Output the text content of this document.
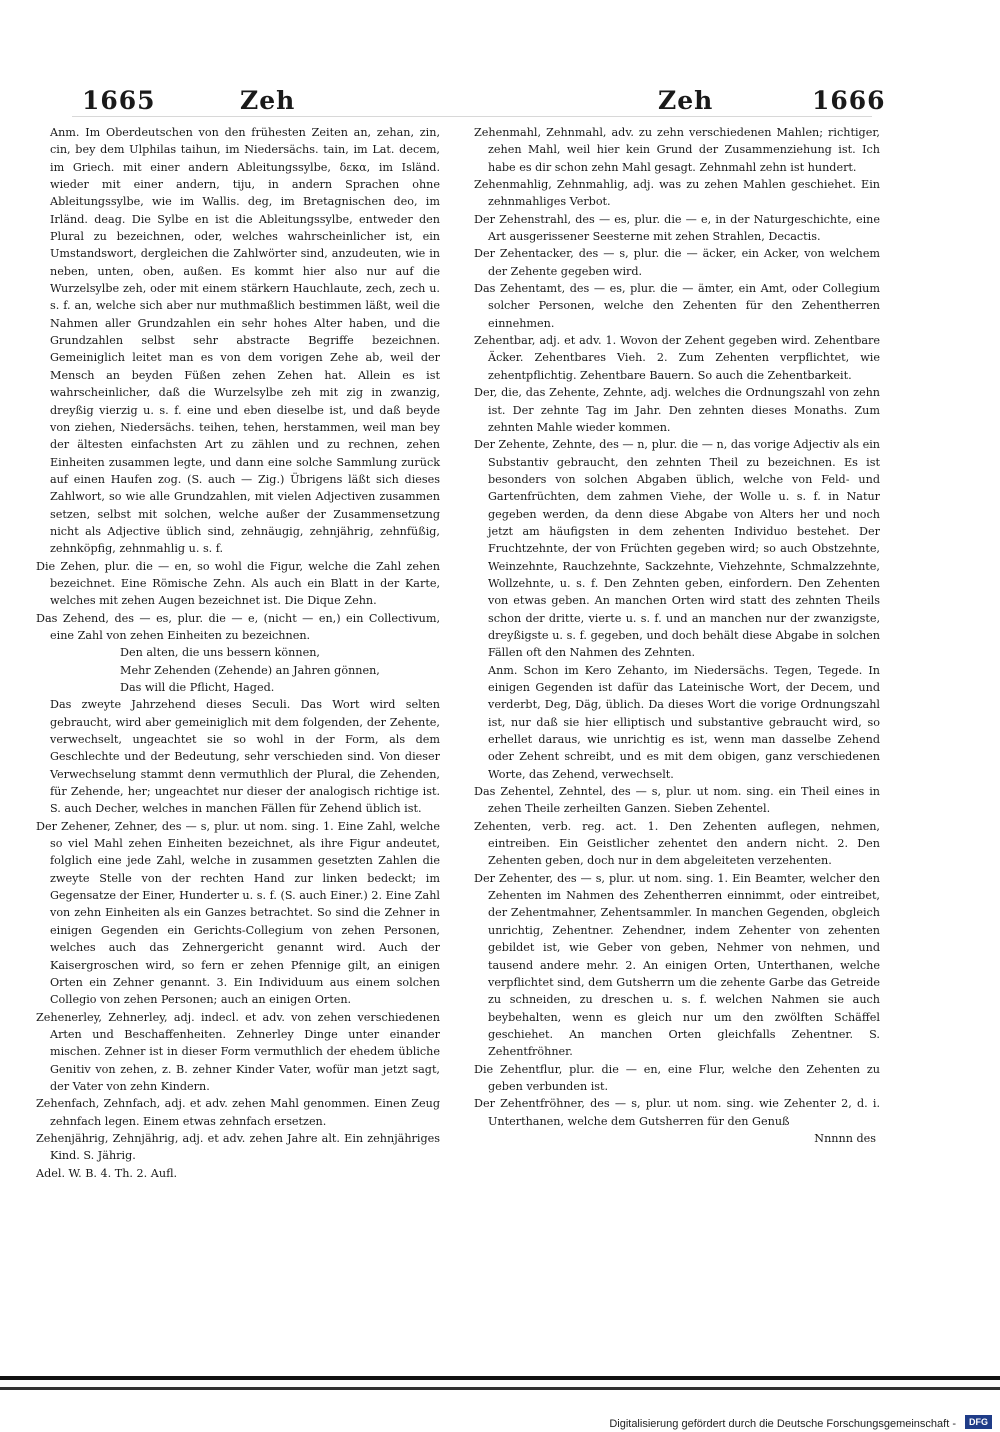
1665	Zeh	Zeh	1666

Anm. Im Oberdeutschen von den frühesten Zeiten an, zehan, zin, cin, bey dem Ulphilas taihun, im Niedersächs. tain, im Lat. decem, im Griech. mit einer andern Ableitungssylbe, δεκα, im Isländ. wieder mit einer andern, tiju, in andern Sprachen ohne Ableitungssylbe, wie im Wallis. deg, im Bretagnischen deo, im Irländ. deag. Die Sylbe en ist die Ableitungssylbe, entweder den Plural zu bezeichnen, oder, welches wahrscheinlicher ist, ein Umstandswort, dergleichen die Zahlwörter sind, anzudeuten, wie in neben, unten, oben, außen. Es kommt hier also nur auf die Wurzelsylbe zeh, oder mit einem stärkern Hauchlaute, zech, zech u. s. f. an, welche sich aber nur muthmaßlich bestimmen läßt, weil die Nahmen aller Grundzahlen ein sehr hohes Alter haben, und die Grundzahlen selbst sehr abstracte Begriffe bezeichnen. Gemeiniglich leitet man es von dem vorigen Zehe ab, weil der Mensch an beyden Füßen zehen Zehen hat. Allein es ist wahrscheinlicher, daß die Wurzelsylbe zeh mit zig in zwanzig, dreyßig vierzig u. s. f. eine und eben dieselbe ist, und daß beyde von ziehen, Niedersächs. teihen, tehen, herstammen, weil man bey der ältesten einfachsten Art zu zählen und zu rechnen, zehen Einheiten zusammen legte, und dann eine solche Sammlung zurück auf einen Haufen zog. (S. auch — Zig.) Übrigens läßt sich dieses Zahlwort, so wie alle Grundzahlen, mit vielen Adjectiven zusammen setzen, selbst mit solchen, welche außer der Zusammensetzung nicht als Adjective üblich sind, zehnäugig, zehnjährig, zehnfüßig, zehnköpfig, zehnmahlig u. s. f.

Die Zehen, plur. die — en, so wohl die Figur, welche die Zahl zehen bezeichnet. Eine Römische Zehn. Als auch ein Blatt in der Karte, welches mit zehen Augen bezeichnet ist. Die Dique Zehn.

Das Zehend, des — es, plur. die — e, (nicht — en,) ein Collectivum, eine Zahl von zehen Einheiten zu bezeichnen.

Den alten, die uns bessern können,

Mehr Zehenden (Zehende) an Jahren gönnen,

Das will die Pflicht, Haged.

Das zweyte Jahrzehend dieses Seculi. Das Wort wird selten gebraucht, wird aber gemeiniglich mit dem folgenden, der Zehente, verwechselt, ungeachtet sie so wohl in der Form, als dem Geschlechte und der Bedeutung, sehr verschieden sind. Von dieser Verwechselung stammt denn vermuthlich der Plural, die Zehenden, für Zehende, her; ungeachtet nur dieser der analogisch richtige ist. S. auch Decher, welches in manchen Fällen für Zehend üblich ist.

Der Zehener, Zehner, des — s, plur. ut nom. sing. 1. Eine Zahl, welche so viel Mahl zehen Einheiten bezeichnet, als ihre Figur andeutet, folglich eine jede Zahl, welche in zusammen gesetzten Zahlen die zweyte Stelle von der rechten Hand zur linken bedeckt; im Gegensatze der Einer, Hunderter u. s. f. (S. auch Einer.) 2. Eine Zahl von zehn Einheiten als ein Ganzes betrachtet. So sind die Zehner in einigen Gegenden ein Gerichts-Collegium von zehen Personen, welches auch das Zehnergericht genannt wird. Auch der Kaisergroschen wird, so fern er zehen Pfennige gilt, an einigen Orten ein Zehner genannt. 3. Ein Individuum aus einem solchen Collegio von zehen Personen; auch an einigen Orten.

Zehenerley, Zehnerley, adj. indecl. et adv. von zehen verschiedenen Arten und Beschaffenheiten. Zehnerley Dinge unter einander mischen. Zehner ist in dieser Form vermuthlich der ehedem übliche Genitiv von zehen, z. B. zehner Kinder Vater, wofür man jetzt sagt, der Vater von zehn Kindern.

Zehenfach, Zehnfach, adj. et adv. zehen Mahl genommen. Einen Zeug zehnfach legen. Einem etwas zehnfach ersetzen.

Zehenjährig, Zehnjährig, adj. et adv. zehen Jahre alt. Ein zehnjähriges Kind. S. Jährig.

Adel. W. B. 4. Th. 2. Aufl.

Zehenmahl, Zehnmahl, adv. zu zehn verschiedenen Mahlen; richtiger, zehen Mahl, weil hier kein Grund der Zusammenziehung ist. Ich habe es dir schon zehn Mahl gesagt. Zehnmahl zehn ist hundert.

Zehenmahlig, Zehnmahlig, adj. was zu zehen Mahlen geschiehet. Ein zehnmahliges Verbot.

Der Zehenstrahl, des — es, plur. die — e, in der Naturgeschichte, eine Art ausgerissener Seesterne mit zehen Strahlen, Decactis.

Der Zehentacker, des — s, plur. die — äcker, ein Acker, von welchem der Zehente gegeben wird.

Das Zehentamt, des — es, plur. die — ämter, ein Amt, oder Collegium solcher Personen, welche den Zehenten für den Zehentherren einnehmen.

Zehentbar, adj. et adv. 1. Wovon der Zehent gegeben wird. Zehentbare Äcker. Zehentbares Vieh. 2. Zum Zehenten verpflichtet, wie zehentpflichtig. Zehentbare Bauern. So auch die Zehentbarkeit.

Der, die, das Zehente, Zehnte, adj. welches die Ordnungszahl von zehn ist. Der zehnte Tag im Jahr. Den zehnten dieses Monaths. Zum zehnten Mahle wieder kommen.

Der Zehente, Zehnte, des — n, plur. die — n, das vorige Adjectiv als ein Substantiv gebraucht, den zehnten Theil zu bezeichnen. Es ist besonders von solchen Abgaben üblich, welche von Feld- und Gartenfrüchten, dem zahmen Viehe, der Wolle u. s. f. in Natur gegeben werden, da denn diese Abgabe von Alters her und noch jetzt am häufigsten in dem zehenten Individuo bestehet. Der Fruchtzehnte, der von Früchten gegeben wird; so auch Obstzehnte, Weinzehnte, Rauchzehnte, Sackzehnte, Viehzehnte, Schmalzzehnte, Wollzehnte, u. s. f. Den Zehnten geben, einfordern. Den Zehenten von etwas geben. An manchen Orten wird statt des zehnten Theils schon der dritte, vierte u. s. f. und an manchen nur der zwanzigste, dreyßigste u. s. f. gegeben, und doch behält diese Abgabe in solchen Fällen oft den Nahmen des Zehnten.

Anm. Schon im Kero Zehanto, im Niedersächs. Tegen, Tegede. In einigen Gegenden ist dafür das Lateinische Wort, der Decem, und verderbt, Deg, Däg, üblich. Da dieses Wort die vorige Ordnungszahl ist, nur daß sie hier elliptisch und substantive gebraucht wird, so erhellet daraus, wie unrichtig es ist, wenn man dasselbe Zehend oder Zehent schreibt, und es mit dem obigen, ganz verschiedenen Worte, das Zehend, verwechselt.

Das Zehentel, Zehntel, des — s, plur. ut nom. sing. ein Theil eines in zehen Theile zerheilten Ganzen. Sieben Zehentel.

Zehenten, verb. reg. act. 1. Den Zehenten auflegen, nehmen, eintreiben. Ein Geistlicher zehentet den andern nicht. 2. Den Zehenten geben, doch nur in dem abgeleiteten verzehenten.

Der Zehenter, des — s, plur. ut nom. sing. 1. Ein Beamter, welcher den Zehenten im Nahmen des Zehentherren einnimmt, oder eintreibet, der Zehentmahner, Zehentsammler. In manchen Gegenden, obgleich unrichtig, Zehentner. Zehendner, indem Zehenter von zehenten gebildet ist, wie Geber von geben, Nehmer von nehmen, und tausend andere mehr. 2. An einigen Orten, Unterthanen, welche verpflichtet sind, dem Gutsherrn um die zehente Garbe das Getreide zu schneiden, zu dreschen u. s. f. welchen Nahmen sie auch beybehalten, wenn es gleich nur um den zwölften Schäffel geschiehet. An manchen Orten gleichfalls Zehentner. S. Zehentfröhner.

Die Zehentflur, plur. die — en, eine Flur, welche den Zehenten zu geben verbunden ist.

Der Zehentfröhner, des — s, plur. ut nom. sing. wie Zehenter 2, d. i. Unterthanen, welche dem Gutsherren für den Genuß

Nnnnn des

Digitalisierung gefördert durch die Deutsche Forschungsgemeinschaft -	DFG
